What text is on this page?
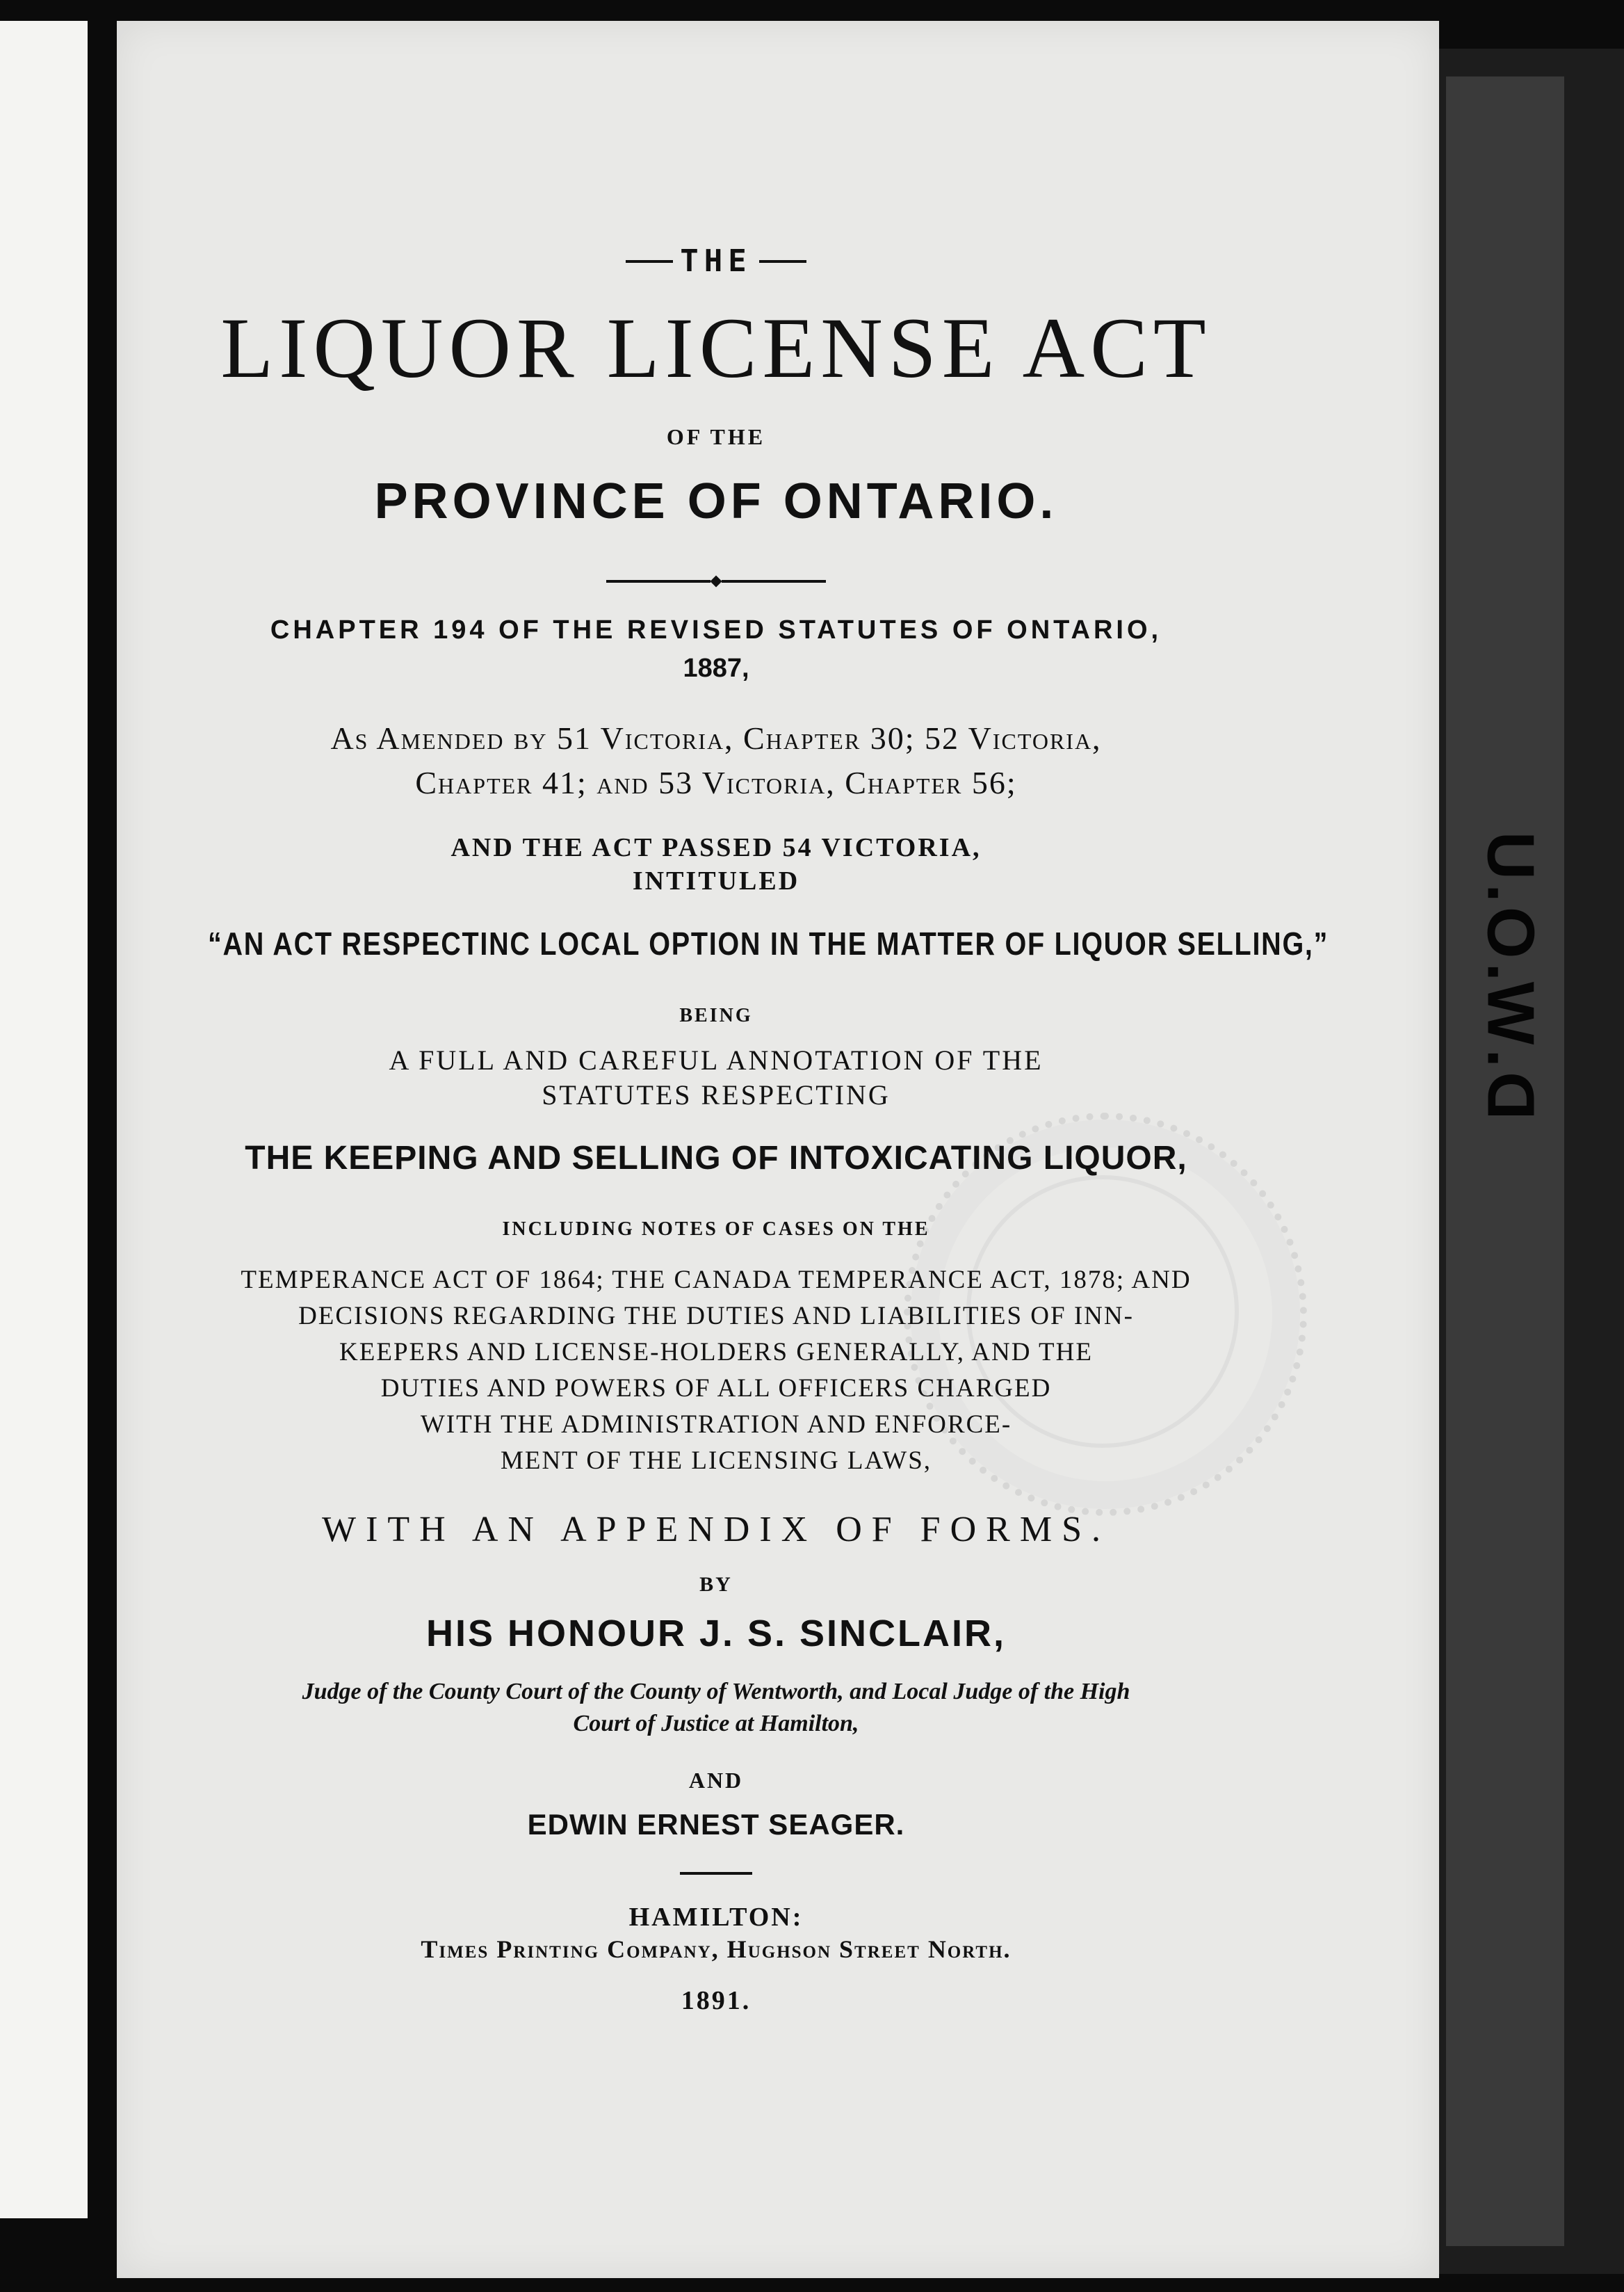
D.W.O.U
THE
LIQUOR LICENSE ACT
OF THE
PROVINCE OF ONTARIO.
CHAPTER 194 OF THE REVISED STATUTES OF ONTARIO,
1887,
As Amended by 51 Victoria, Chapter 30; 52 Victoria,
Chapter 41; and 53 Victoria, Chapter 56;
AND THE ACT PASSED 54 VICTORIA,
INTITULED
“AN ACT RESPECTINC LOCAL OPTION IN THE MATTER OF LIQUOR SELLING,”
BEING
A FULL AND CAREFUL ANNOTATION OF THE
STATUTES RESPECTING
THE KEEPING AND SELLING OF INTOXICATING LIQUOR,
INCLUDING NOTES OF CASES ON THE
TEMPERANCE ACT OF 1864; THE CANADA TEMPERANCE ACT, 1878; AND
DECISIONS REGARDING THE DUTIES AND LIABILITIES OF INN-
KEEPERS AND LICENSE-HOLDERS GENERALLY, AND THE
DUTIES AND POWERS OF ALL OFFICERS CHARGED
WITH THE ADMINISTRATION AND ENFORCE-
MENT OF THE LICENSING LAWS,
WITH AN APPENDIX OF FORMS.
BY
HIS HONOUR J. S. SINCLAIR,
Judge of the County Court of the County of Wentworth, and Local Judge of the High
Court of Justice at Hamilton,
AND
EDWIN ERNEST SEAGER.
HAMILTON:
Times Printing Company, Hughson Street North.
1891.
